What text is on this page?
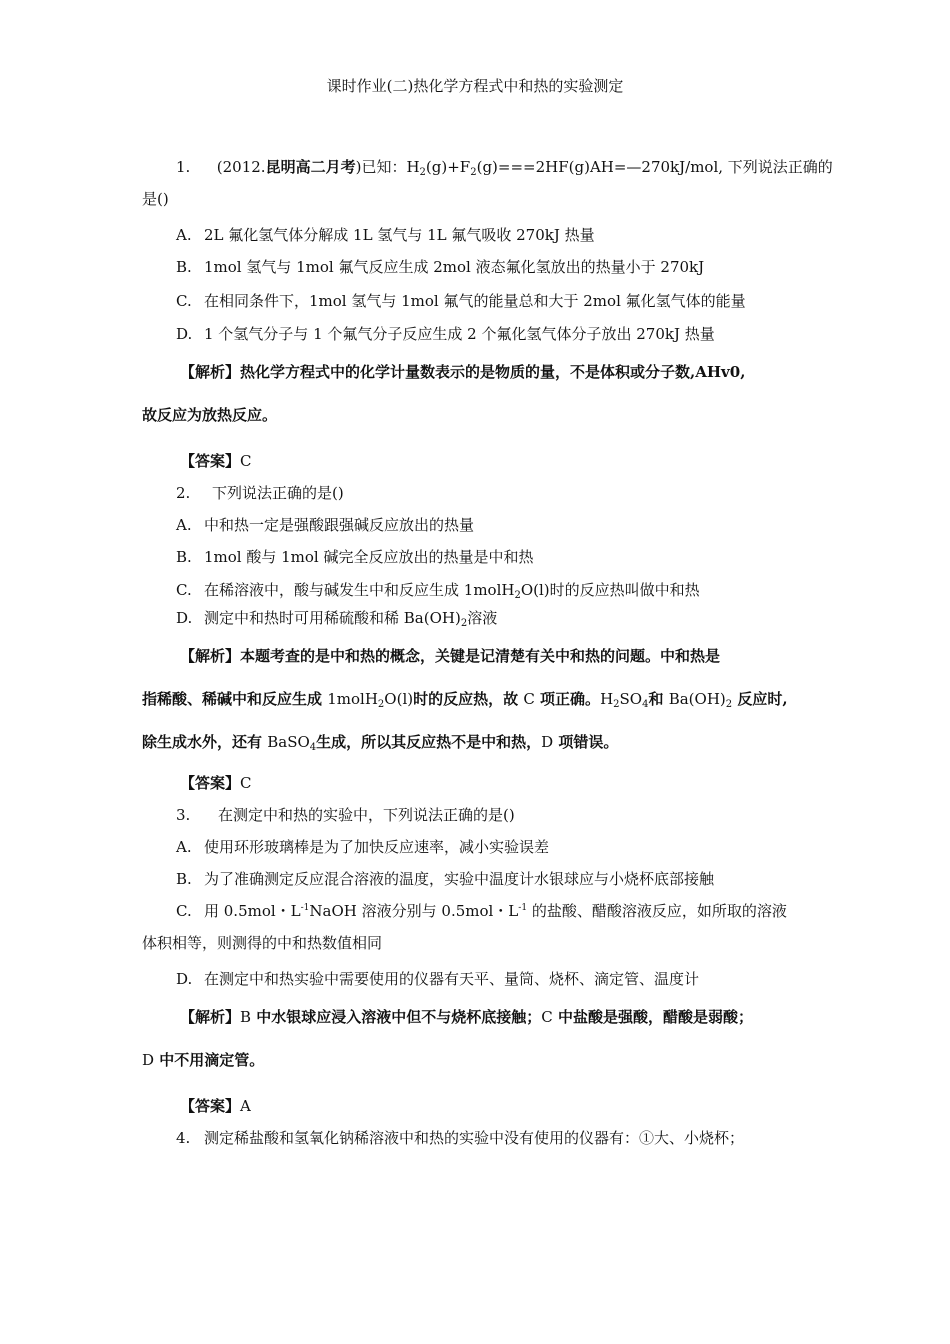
课时作业(二)热化学方程式中和热的实验测定
1. (2012.昆明高二月考)已知：$H_2(g)+F_2(g)===2HF(g)AH=—270kJ$/mol, 下列说法正确的
是()
A. 2L 氟化氢气体分解成 1L 氢气与 1L 氟气吸收 270kJ 热量
B. 1mol 氢气与 1mol 氟气反应生成 2mol 液态氟化氢放出的热量小于 270kJ
C. 在相同条件下，1mol 氢气与 1mol 氟气的能量总和大于 2mol 氟化氢气体的能量
D. 1 个氢气分子与 1 个氟气分子反应生成 2 个氟化氢气体分子放出 270kJ 热量
【解析】热化学方程式中的化学计量数表示的是物质的量，不是体积或分子数,AHv0,
故反应为放热反应。
【答案】C
2. 下列说法正确的是()
A. 中和热一定是强酸跟强碱反应放出的热量
B. 1mol 酸与 1mol 碱完全反应放出的热量是中和热
C. 在稀溶液中，酸与碱发生中和反应生成 1molH$_2$O(l)时的反应热叫做中和热
D. 测定中和热时可用稀硫酸和稀 $Ba(OH)_2$溶液
【解析】本题考查的是中和热的概念，关键是记清楚有关中和热的问题。中和热是
指稀酸、稀碱中和反应生成 1molH$_2$O(l)时的反应热，故 C 项正确。$H_2SO_4$和 $Ba(OH)_2$ 反应时,
除生成水外，还有 BaSO$_4$生成，所以其反应热不是中和热，D 项错误。
【答案】C
3. 在测定中和热的实验中，下列说法正确的是()
A. 使用环形玻璃棒是为了加快反应速率，减小实验误差
B. 为了准确测定反应混合溶液的温度，实验中温度计水银球应与小烧杯底部接触
C. 用 0.5mol・$L^{-1}NaOH$ 溶液分别与 0.5mol・$L^{-1}$ 的盐酸、醋酸溶液反应，如所取的溶液
体积相等，则测得的中和热数值相同
D. 在测定中和热实验中需要使用的仪器有天平、量筒、烧杯、滴定管、温度计
【解析】B 中水银球应浸入溶液中但不与烧杯底接触；C 中盐酸是强酸，醋酸是弱酸；
D 中不用滴定管。
【答案】A
4. 测定稀盐酸和氢氧化钠稀溶液中和热的实验中没有使用的仪器有：①大、小烧杯；
